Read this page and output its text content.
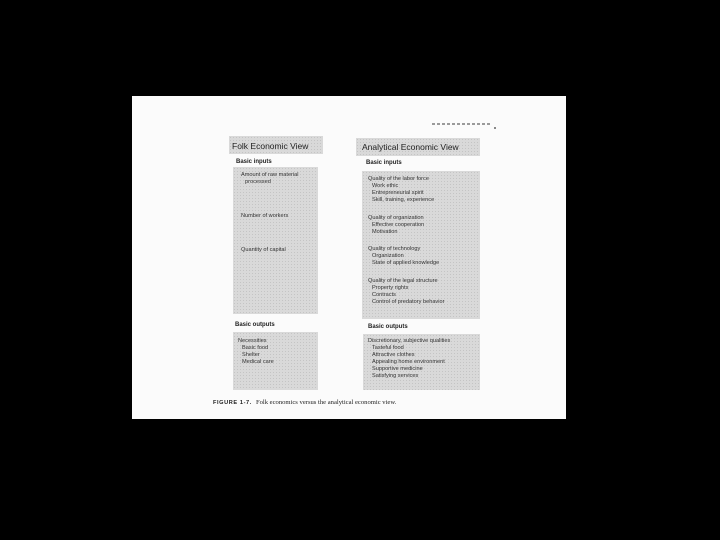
Folk Economic View
Basic inputs
Amount of raw material
processed
Number of workers
Quantity of capital
Basic outputs
Necessities
Basic food
Shelter
Medical care
Analytical Economic View
Basic inputs
Quality of the labor force
Work ethic
Entrepreneurial spirit
Skill, training, experience
Quality of organization
Effective cooperation
Motivation
Quality of technology
Organization
State of applied knowledge
Quality of the legal structure
Property rights
Contracts
Control of predatory behavior
Basic outputs
Discretionary, subjective qualities
Tasteful food
Attractive clothes
Appealing home environment
Supportive medicine
Satisfying services
FIGURE 1-7. Folk economics versus the analytical economic view.
